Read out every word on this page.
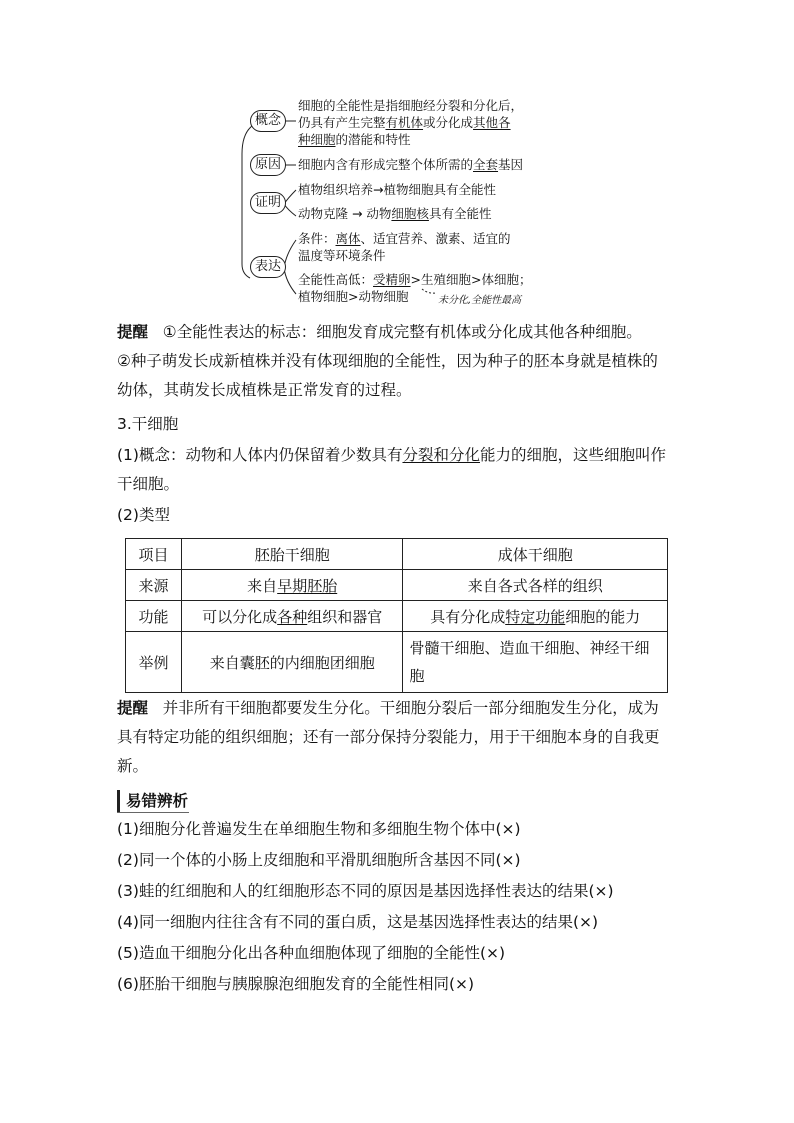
概念
原因
证明
表达
细胞的全能性是指细胞经分裂和分化后，
仍具有产生完整有机体或分化成其他各
种细胞的潜能和特性
细胞内含有形成完整个体所需的全套基因
植物组织培养→植物细胞具有全能性
动物克隆 → 动物细胞核具有全能性
条件：离体、适宜营养、激素、适宜的
温度等环境条件
全能性高低：受精卵>生殖细胞>体细胞；
植物细胞>动物细胞	未分化,全能性最高
提醒 ①全能性表达的标志：细胞发育成完整有机体或分化成其他各种细胞。
②种子萌发长成新植株并没有体现细胞的全能性，因为种子的胚本身就是植株的
幼体，其萌发长成植株是正常发育的过程。
3.干细胞
(1)概念：动物和人体内仍保留着少数具有分裂和分化能力的细胞，这些细胞叫作
干细胞。
(2)类型
项目	胚胎干细胞	成体干细胞
来源	来自早期胚胎	来自各式各样的组织
功能	可以分化成各种组织和器官	具有分化成特定功能细胞的能力
举例	来自囊胚的内细胞团细胞	骨髓干细胞、造血干细胞、神经干细胞
提醒 并非所有干细胞都要发生分化。干细胞分裂后一部分细胞发生分化，成为
具有特定功能的组织细胞；还有一部分保持分裂能力，用于干细胞本身的自我更
新。
易错辨析
(1)细胞分化普遍发生在单细胞生物和多细胞生物个体中(×)
(2)同一个体的小肠上皮细胞和平滑肌细胞所含基因不同(×)
(3)蛙的红细胞和人的红细胞形态不同的原因是基因选择性表达的结果(×)
(4)同一细胞内往往含有不同的蛋白质，这是基因选择性表达的结果(×)
(5)造血干细胞分化出各种血细胞体现了细胞的全能性(×)
(6)胚胎干细胞与胰腺腺泡细胞发育的全能性相同(×)
